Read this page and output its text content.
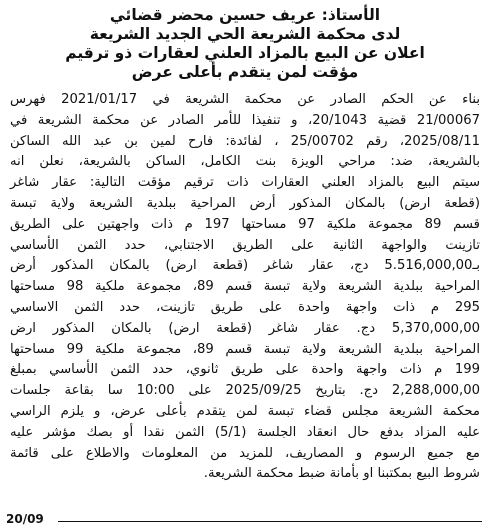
الأستاذ: عريف حسين محضر قضائي
لدى محكمة الشريعة الحي الجديد الشريعة
اعلان عن البيع بالمزاد العلني لعقارات ذو ترقيم
مؤقت لمن يتقدم بأعلى عرض
بناء عن الحكم الصادر عن محكمة الشريعة في 2021/01/17 فهرس
21/00067 قضية 20/1043، و تنفيذا للأمر الصادر عن محكمة الشريعة في
2025/08/11، رقم 25/00702 ، لفائدة: فارح لمين بن عبد الله الساكن
بالشريعة، ضد: مراحي الويزة بنت الكامل، الساكن بالشريعة، نعلن انه
سيتم البيع بالمزاد العلني العقارات ذات ترقيم مؤقت التالية: عقار شاغر
(قطعة ارض) بالمكان المذكور أرض المراحية ببلدية الشريعة ولاية تبسة
قسم 89 مجموعة ملكية 97 مساحتها 197 م ذات واجهتين على الطريق
تازينت والواجهة الثانية على الطريق الاجتنابي، حدد الثمن الأساسي
بـ5.516,000,00 دج، عقار شاغر (قطعة ارض) بالمكان المذكور أرض
المراحية ببلدية الشريعة ولاية تبسة قسم 89، مجموعة ملكية 98 مساحتها
295 م ذات واجهة واحدة على طريق تازينت، حدد الثمن الاساسي
5,370,000,00 دج. عقار شاغر (قطعة ارض) بالمكان المذكور ارض
المراحية ببلدية الشريعة ولاية تبسة قسم 89، مجموعة ملكية 99 مساحتها
199 م ذات واجهة واحدة على طريق ثانوي، حدد الثمن الأساسي بمبلغ
2,288,000,00 دج. بتاريخ 2025/09/25 على 10:00 سا بقاعة جلسات
محكمة الشريعة مجلس قضاء تبسة لمن يتقدم بأعلى عرض، و يلزم الراسي
عليه المزاد بدفع حال انعقاد الجلسة (5/1) الثمن نقدا أو بصك مؤشر عليه
مع جميع الرسوم و المصاريف، للمزيد من المعلومات والاطلاع على قائمة
شروط البيع بمكتبنا او بأمانة ضبط محكمة الشريعة.
20/09
